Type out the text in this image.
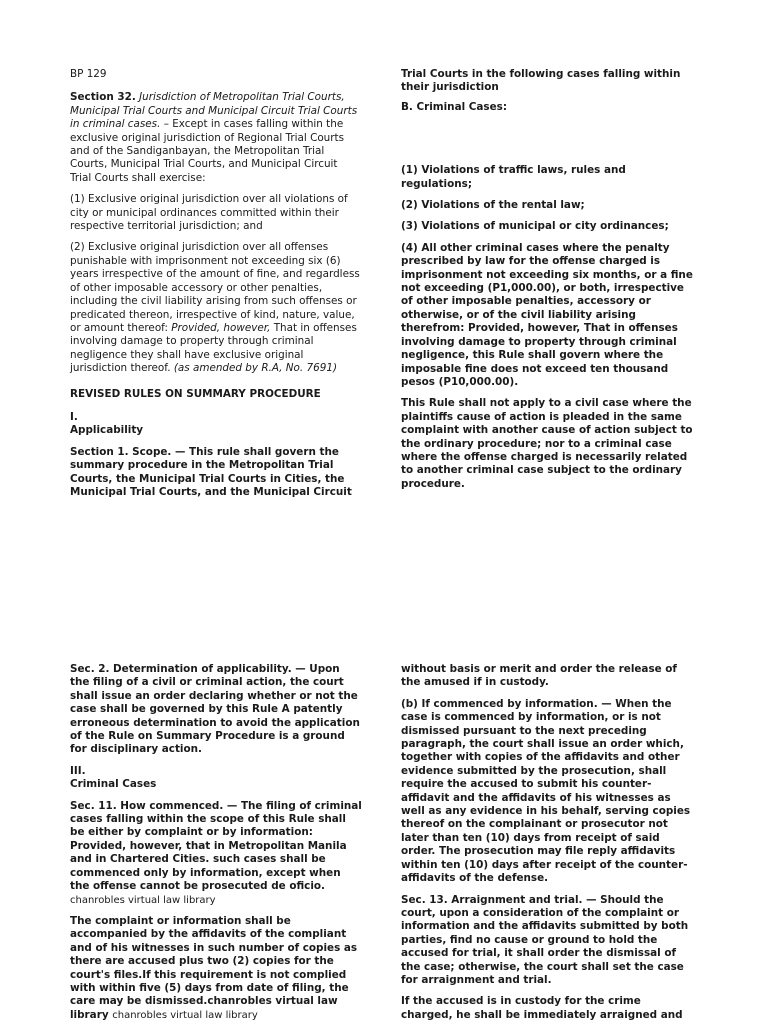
BP 129

Section 32. Jurisdiction of Metropolitan Trial Courts, Municipal Trial Courts and Municipal Circuit Trial Courts in criminal cases. – Except in cases falling within the exclusive original jurisdiction of Regional Trial Courts and of the Sandiganbayan, the Metropolitan Trial Courts, Municipal Trial Courts, and Municipal Circuit Trial Courts shall exercise:

(1) Exclusive original jurisdiction over all violations of city or municipal ordinances committed within their respective territorial jurisdiction; and

(2) Exclusive original jurisdiction over all offenses punishable with imprisonment not exceeding six (6) years irrespective of the amount of fine, and regardless of other imposable accessory or other penalties, including the civil liability arising from such offenses or predicated thereon, irrespective of kind, nature, value, or amount thereof: Provided, however, That in offenses involving damage to property through criminal negligence they shall have exclusive original jurisdiction thereof. (as amended by R.A, No. 7691)

REVISED RULES ON SUMMARY PROCEDURE

I.
Applicability

Section 1. Scope. — This rule shall govern the summary procedure in the Metropolitan Trial Courts, the Municipal Trial Courts in Cities, the Municipal Trial Courts, and the Municipal Circuit

Trial Courts in the following cases falling within their jurisdiction

B. Criminal Cases:

(1) Violations of traffic laws, rules and regulations;

(2) Violations of the rental law;

(3) Violations of municipal or city ordinances;

(4) All other criminal cases where the penalty prescribed by law for the offense charged is imprisonment not exceeding six months, or a fine not exceeding (P1,000.00), or both, irrespective of other imposable penalties, accessory or otherwise, or of the civil liability arising therefrom: Provided, however, That in offenses involving damage to property through criminal negligence, this Rule shall govern where the imposable fine does not exceed ten thousand pesos (P10,000.00).

This Rule shall not apply to a civil case where the plaintiffs cause of action is pleaded in the same complaint with another cause of action subject to the ordinary procedure; nor to a criminal case where the offense charged is necessarily related to another criminal case subject to the ordinary procedure.

Sec. 2. Determination of applicability. — Upon the filing of a civil or criminal action, the court shall issue an order declaring whether or not the case shall be governed by this Rule A patently erroneous determination to avoid the application of the Rule on Summary Procedure is a ground for disciplinary action.

III.
Criminal Cases

Sec. 11. How commenced. — The filing of criminal cases falling within the scope of this Rule shall be either by complaint or by information: Provided, however, that in Metropolitan Manila and in Chartered Cities. such cases shall be commenced only by information, except when the offense cannot be prosecuted de oficio. chanrobles virtual law library

The complaint or information shall be accompanied by the affidavits of the compliant and of his witnesses in such number of copies as there are accused plus two (2) copies for the court's files.If this requirement is not complied with within five (5) days from date of filing, the care may be dismissed.chanrobles virtual law library chanrobles virtual law library

without basis or merit and order the release of the amused if in custody.

(b) If commenced by information. — When the case is commenced by information, or is not dismissed pursuant to the next preceding paragraph, the court shall issue an order which, together with copies of the affidavits and other evidence submitted by the prosecution, shall require the accused to submit his counter-affidavit and the affidavits of his witnesses as well as any evidence in his behalf, serving copies thereof on the complainant or prosecutor not later than ten (10) days from receipt of said order. The prosecution may file reply affidavits within ten (10) days after receipt of the counter-affidavits of the defense.

Sec. 13. Arraignment and trial. — Should the court, upon a consideration of the complaint or information and the affidavits submitted by both parties, find no cause or ground to hold the accused for trial, it shall order the dismissal of the case; otherwise, the court shall set the case for arraignment and trial.

If the accused is in custody for the crime charged, he shall be immediately arraigned and
